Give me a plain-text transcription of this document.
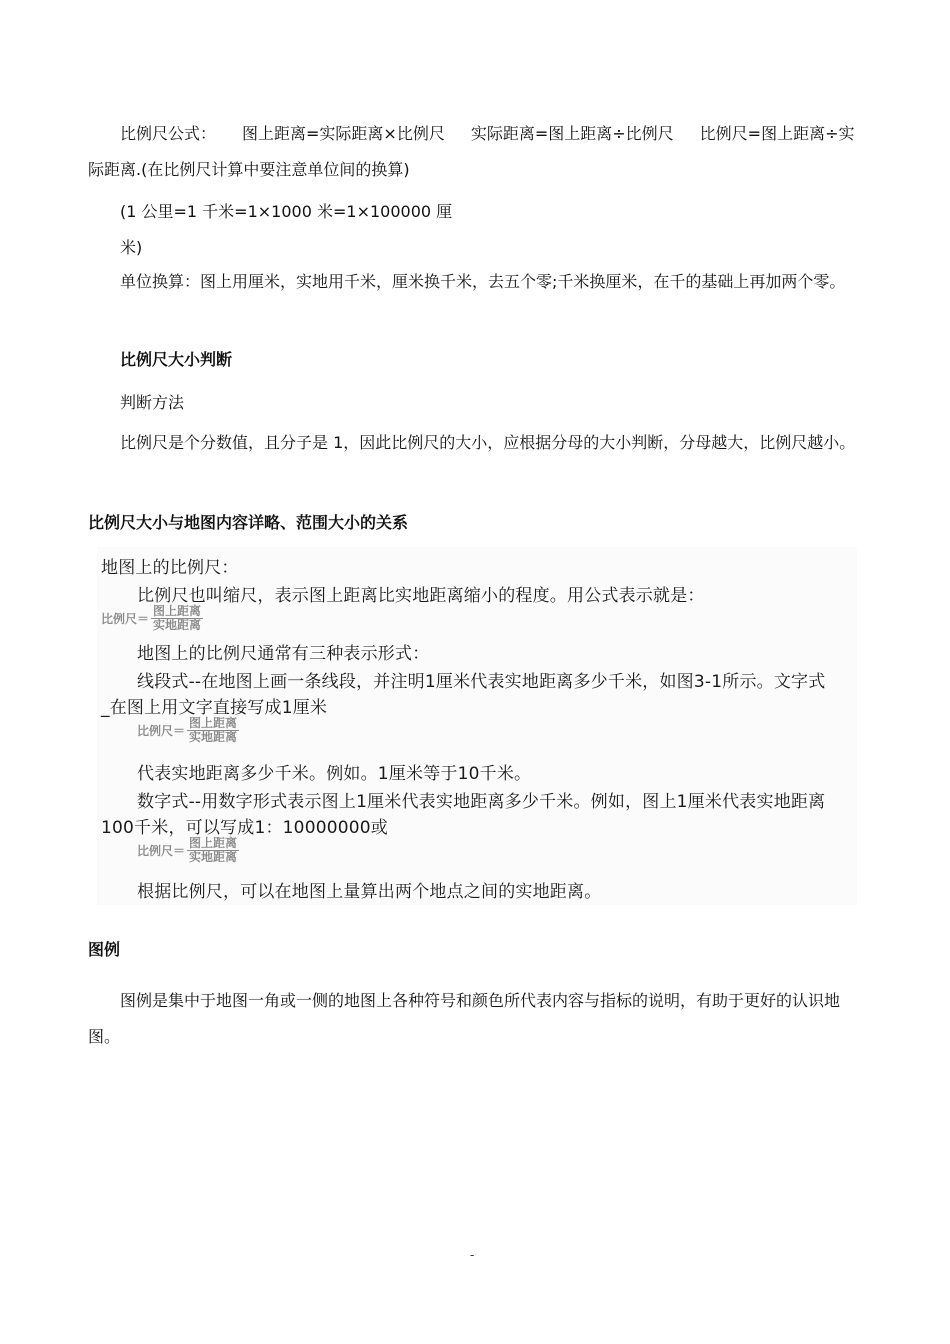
比例尺公式： 图上距离=实际距离×比例尺 实际距离=图上距离÷比例尺 比例尺=图上距离÷实际距离.(在比例尺计算中要注意单位间的换算)

(1 公里=1 千米=1×1000 米=1×100000 厘

米)

单位换算：图上用厘米，实地用千米，厘米换千米，去五个零;千米换厘米，在千的基础上再加两个零。

比例尺大小判断

判断方法

比例尺是个分数值，且分子是 1，因此比例尺的大小，应根据分母的大小判断，分母越大，比例尺越小。

比例尺大小与地图内容详略、范围大小的关系

地图上的比例尺：
比例尺也叫缩尺，表示图上距离比实地距离缩小的程度。用公式表示就是：
比例尺＝ $\frac{\text{图上距离}}{\text{实地距离}}$
地图上的比例尺通常有三种表示形式：
线段式--在地图上画一条线段，并注明1厘米代表实地距离多少千米，如图3-1所示。文字式
_在图上用文字直接写成1厘米
比例尺＝ $\frac{\text{图上距离}}{\text{实地距离}}$
代表实地距离多少千米。例如。1厘米等于10千米。
数字式--用数字形式表示图上1厘米代表实地距离多少千米。例如，图上1厘米代表实地距离
100千米，可以写成1：10000000或
比例尺＝ $\frac{\text{图上距离}}{\text{实地距离}}$
根据比例尺，可以在地图上量算出两个地点之间的实地距离。

图例

图例是集中于地图一角或一侧的地图上各种符号和颜色所代表内容与指标的说明，有助于更好的认识地图。

-
